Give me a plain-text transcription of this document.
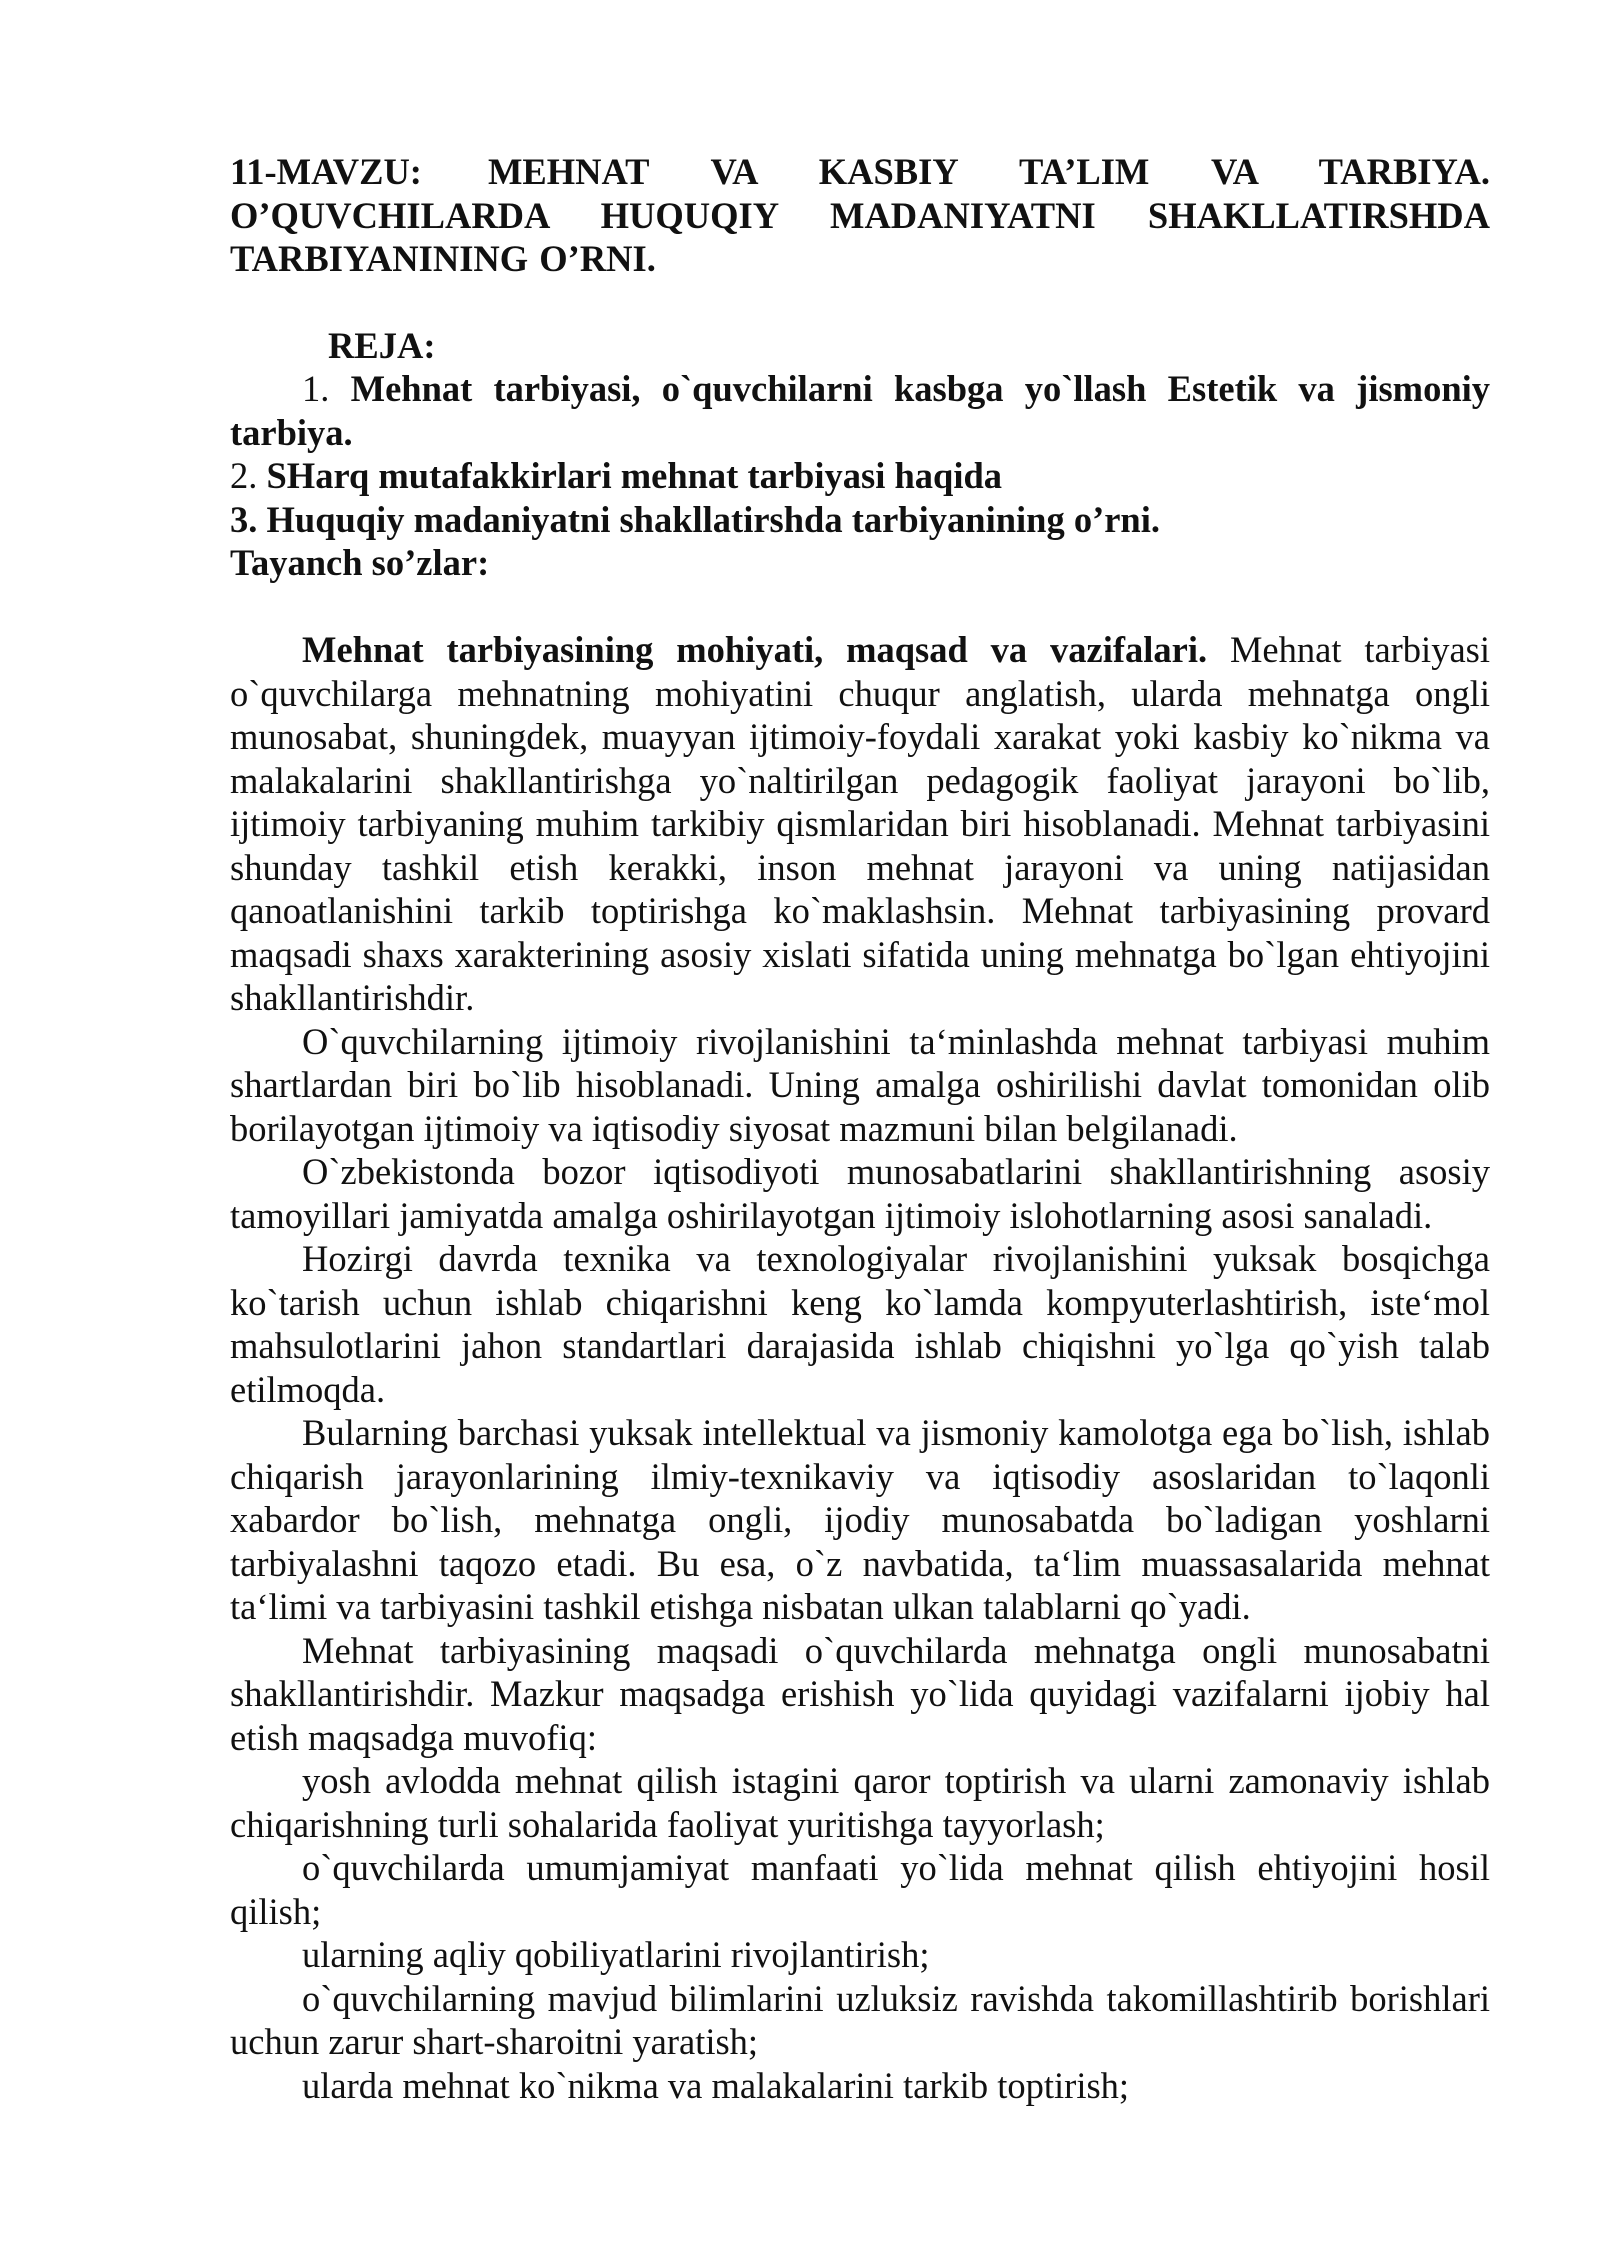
11-MAVZU: MEHNAT VA KASBIY TA’LIM VA TARBIYA. O’QUVCHILARDA HUQUQIY MADANIYATNI SHAKLLATIRSHDA TARBIYANINING O’RNI.

REJA:

1. Mehnat tarbiyasi, o`quvchilarni kasbga yo`llash Estetik va jismoniy tarbiya.

2. SHarq mutafakkirlari mehnat tarbiyasi haqida

3. Huquqiy madaniyatni shakllatirshda tarbiyanining o’rni.

Tayanch so’zlar:

Mehnat tarbiyasining mohiyati, maqsad va vazifalari. Mehnat tarbiyasi o`quvchilarga mehnatning mohiyatini chuqur anglatish, ularda mehnatga ongli munosabat, shuningdek, muayyan ijtimoiy-foydali xarakat yoki kasbiy ko`nikma va malakalarini shakllantirishga yo`naltirilgan pedagogik faoliyat jarayoni bo`lib, ijtimoiy tarbiyaning muhim tarkibiy qismlaridan biri hisoblanadi. Mehnat tarbiyasini shunday tashkil etish kerakki, inson mehnat jarayoni va uning natijasidan qanoatlanishini tarkib toptirishga ko`maklashsin. Mehnat tarbiyasining provard maqsadi shaxs xarakterining asosiy xislati sifatida uning mehnatga bo`lgan ehtiyojini shakllantirishdir.

O`quvchilarning ijtimoiy rivojlanishini ta‘minlashda mehnat tarbiyasi muhim shartlardan biri bo`lib hisoblanadi. Uning amalga oshirilishi davlat tomonidan olib borilayotgan ijtimoiy va iqtisodiy siyosat mazmuni bilan belgilanadi.

O`zbekistonda bozor iqtisodiyoti munosabatlarini shakllantirishning asosiy tamoyillari jamiyatda amalga oshirilayotgan ijtimoiy islohotlarning asosi sanaladi.

Hozirgi davrda texnika va texnologiyalar rivojlanishini yuksak bosqichga ko`tarish uchun ishlab chiqarishni keng ko`lamda kompyuterlashtirish, iste‘mol mahsulotlarini jahon standartlari darajasida ishlab chiqishni yo`lga qo`yish talab etilmoqda.

Bularning barchasi yuksak intellektual va jismoniy kamolotga ega bo`lish, ishlab chiqarish jarayonlarining ilmiy-texnikaviy va iqtisodiy asoslaridan to`laqonli xabardor bo`lish, mehnatga ongli, ijodiy munosabatda bo`ladigan yoshlarni tarbiyalashni taqozo etadi. Bu esa, o`z navbatida, ta‘lim muassasalarida mehnat ta‘limi va tarbiyasini tashkil etishga nisbatan ulkan talablarni qo`yadi.

Mehnat tarbiyasining maqsadi o`quvchilarda mehnatga ongli munosabatni shakllantirishdir. Mazkur maqsadga erishish yo`lida quyidagi vazifalarni ijobiy hal etish maqsadga muvofiq:

yosh avlodda mehnat qilish istagini qaror toptirish va ularni zamonaviy ishlab chiqarishning turli sohalarida faoliyat yuritishga tayyorlash;

o`quvchilarda umumjamiyat manfaati yo`lida mehnat qilish ehtiyojini hosil qilish;

ularning aqliy qobiliyatlarini rivojlantirish;

o`quvchilarning mavjud bilimlarini uzluksiz ravishda takomillashtirib borishlari uchun zarur shart-sharoitni yaratish;

ularda mehnat ko`nikma va malakalarini tarkib toptirish;
